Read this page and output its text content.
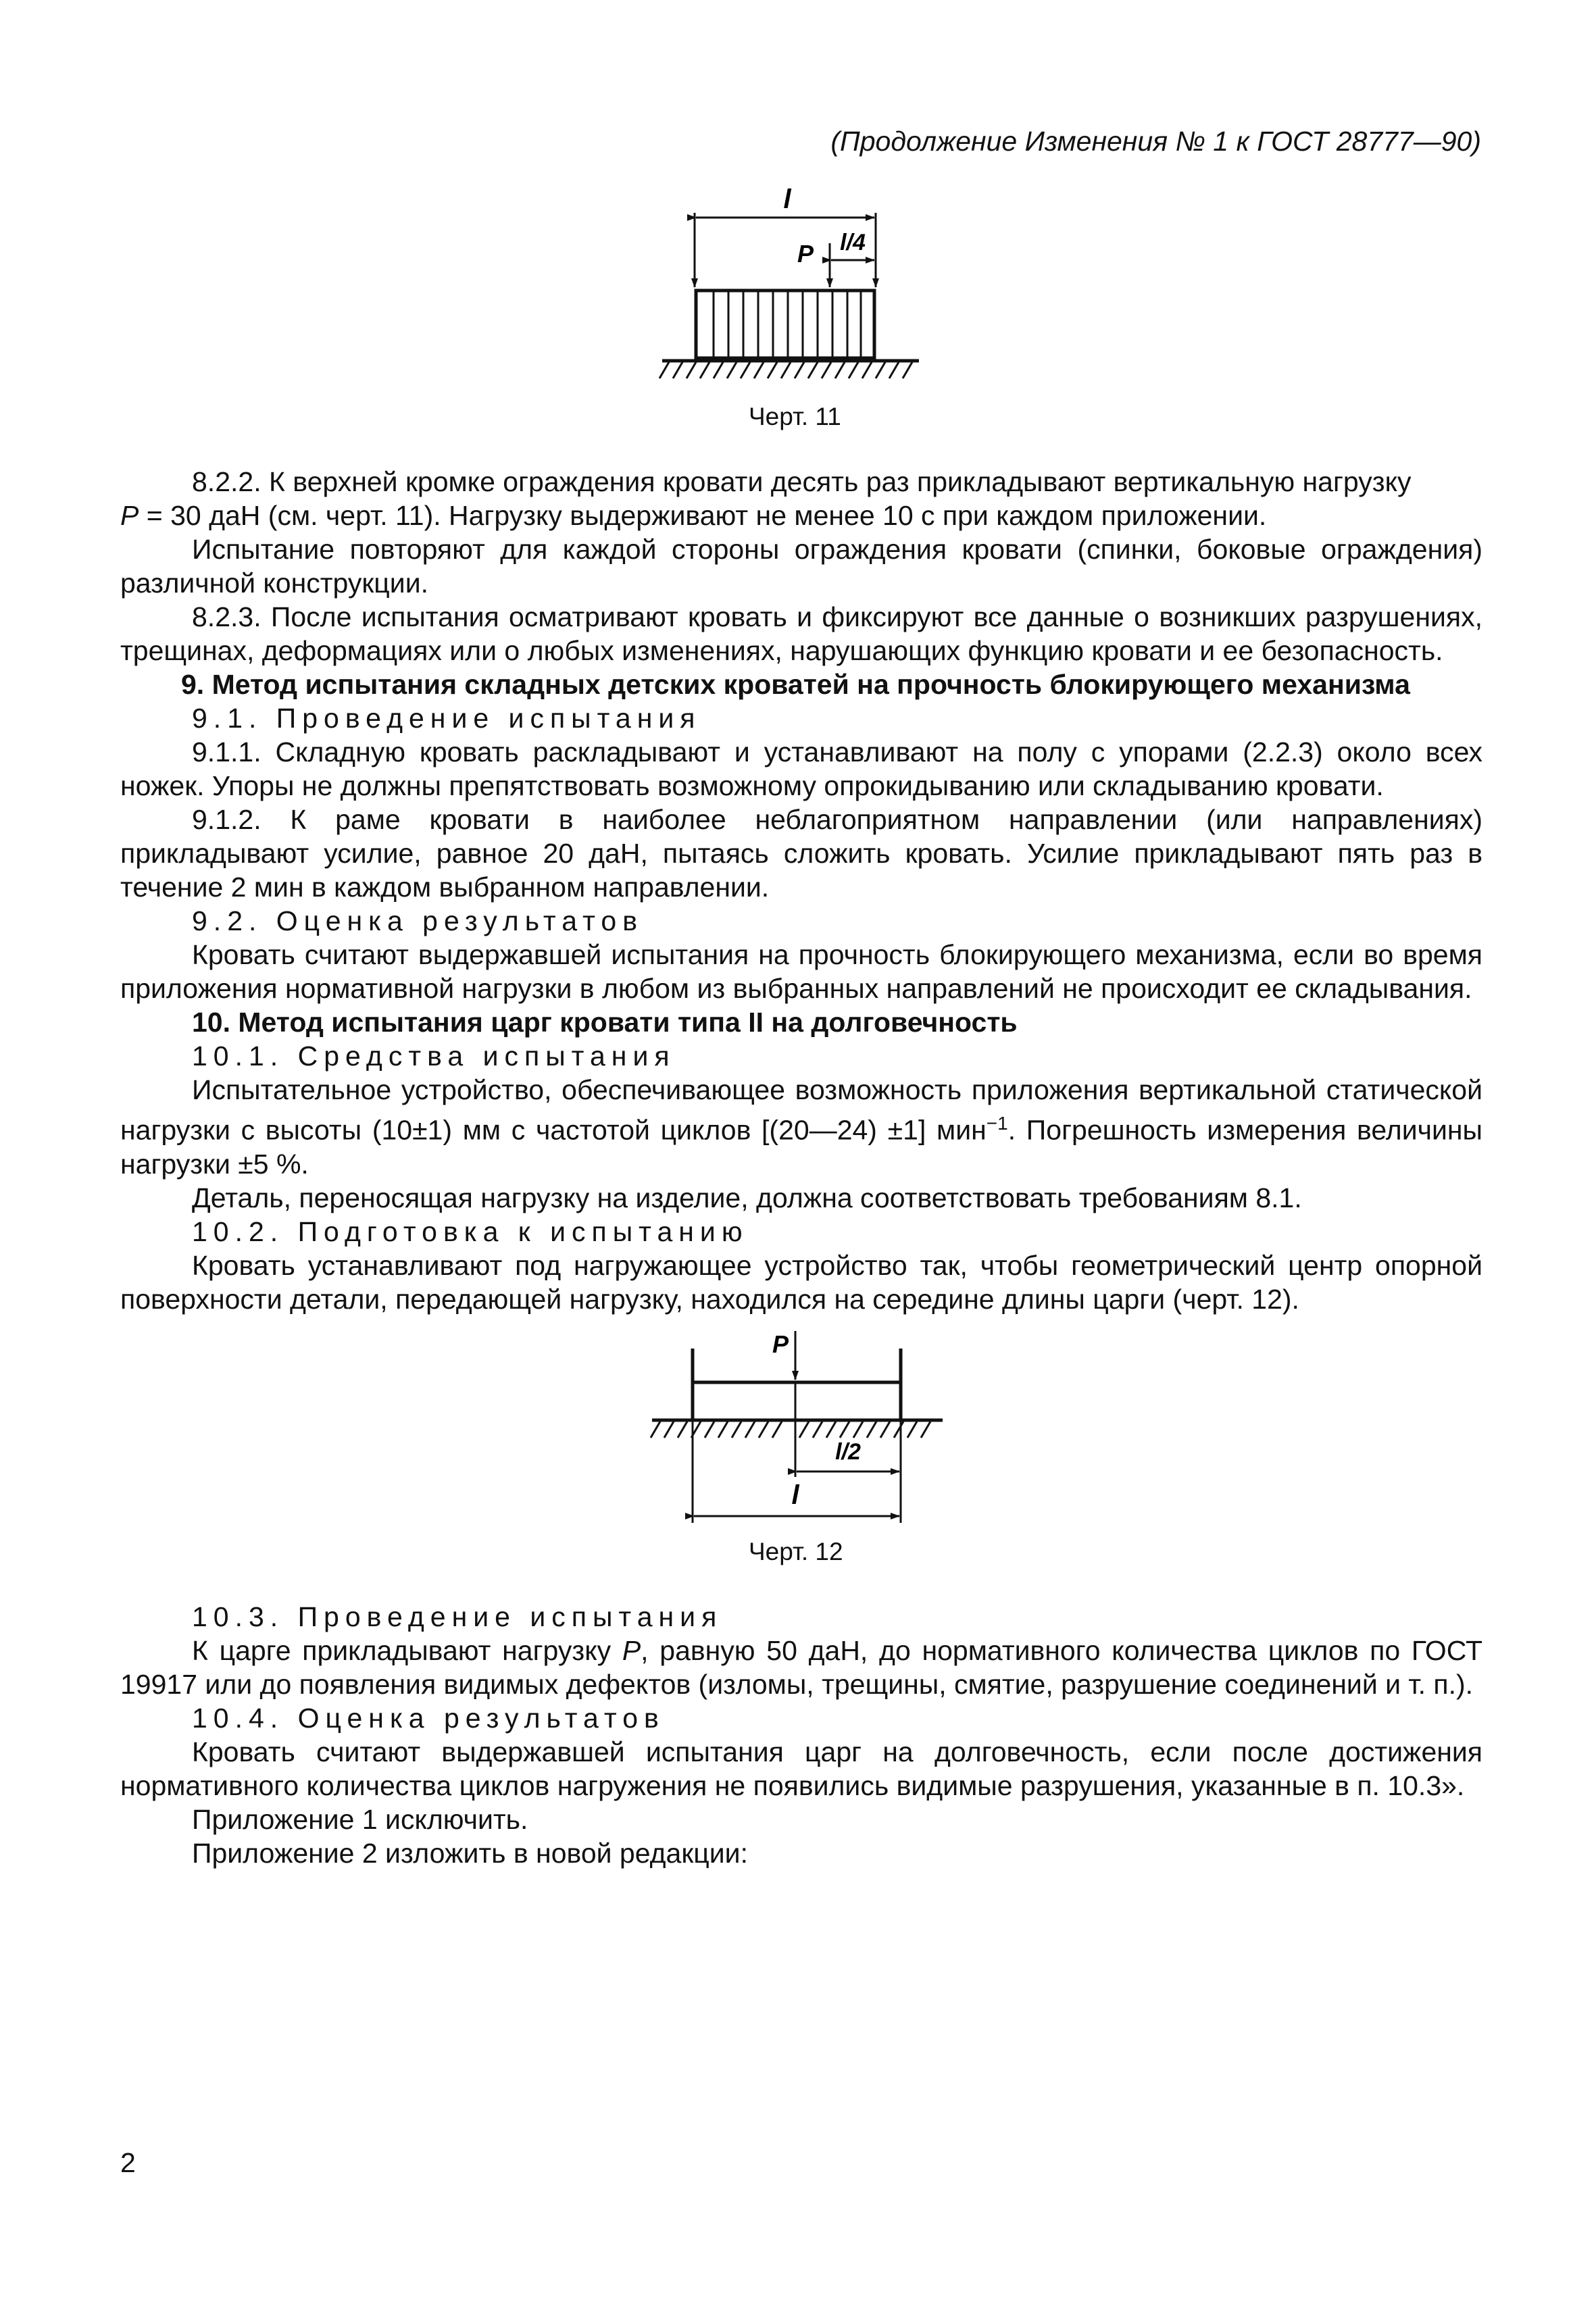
(Продолжение Изменения № 1 к ГОСТ 28777—90)
l
l/4
P
Черт. 11

8.2.2. К верхней кромке ограждения кровати десять раз прикладывают вертикальную нагрузку

P = 30 даН (см. черт. 11). Нагрузку выдерживают не менее 10 с при каждом приложении.

Испытание повторяют для каждой стороны ограждения кровати (спинки, боковые ограждения) различной конструкции.

8.2.3. После испытания осматривают кровать и фиксируют все данные о возникших разрушениях, трещинах, деформациях или о любых изменениях, нарушающих функцию кровати и ее безопасность.

9. Метод испытания складных детских кроватей на прочность блокирующего механизма

9.1. Проведение испытания

9.1.1. Складную кровать раскладывают и устанавливают на полу с упорами (2.2.3) около всех ножек. Упоры не должны препятствовать возможному опрокидыванию или складыванию кровати.

9.1.2. К раме кровати в наиболее неблагоприятном направлении (или направлениях) прикладывают усилие, равное 20 даН, пытаясь сложить кровать. Усилие прикладывают пять раз в течение 2 мин в каждом выбранном направлении.

9.2. Оценка результатов

Кровать считают выдержавшей испытания на прочность блокирующего механизма, если во время приложения нормативной нагрузки в любом из выбранных направлений не происходит ее складывания.

10. Метод испытания царг кровати типа II на долговечность

10.1. Средства испытания

Испытательное устройство, обеспечивающее возможность приложения вертикальной статической нагрузки с высоты (10±1) мм с частотой циклов [(20—24) ±1] мин$^{-1}$. Погрешность измерения величины нагрузки ±5 %.

Деталь, переносящая нагрузку на изделие, должна соответствовать требованиям 8.1.

10.2. Подготовка к испытанию

Кровать устанавливают под нагружающее устройство так, чтобы геометрический центр опорной поверхности детали, передающей нагрузку, находился на середине длины царги (черт. 12).

P
l/2
l
Черт. 12

10.3. Проведение испытания

К царге прикладывают нагрузку P, равную 50 даН, до нормативного количества циклов по ГОСТ 19917 или до появления видимых дефектов (изломы, трещины, смятие, разрушение соединений и т. п.).

10.4. Оценка результатов

Кровать считают выдержавшей испытания царг на долговечность, если после достижения нормативного количества циклов нагружения не появились видимые разрушения, указанные в п. 10.3».

Приложение 1 исключить.

Приложение 2 изложить в новой редакции:

2
